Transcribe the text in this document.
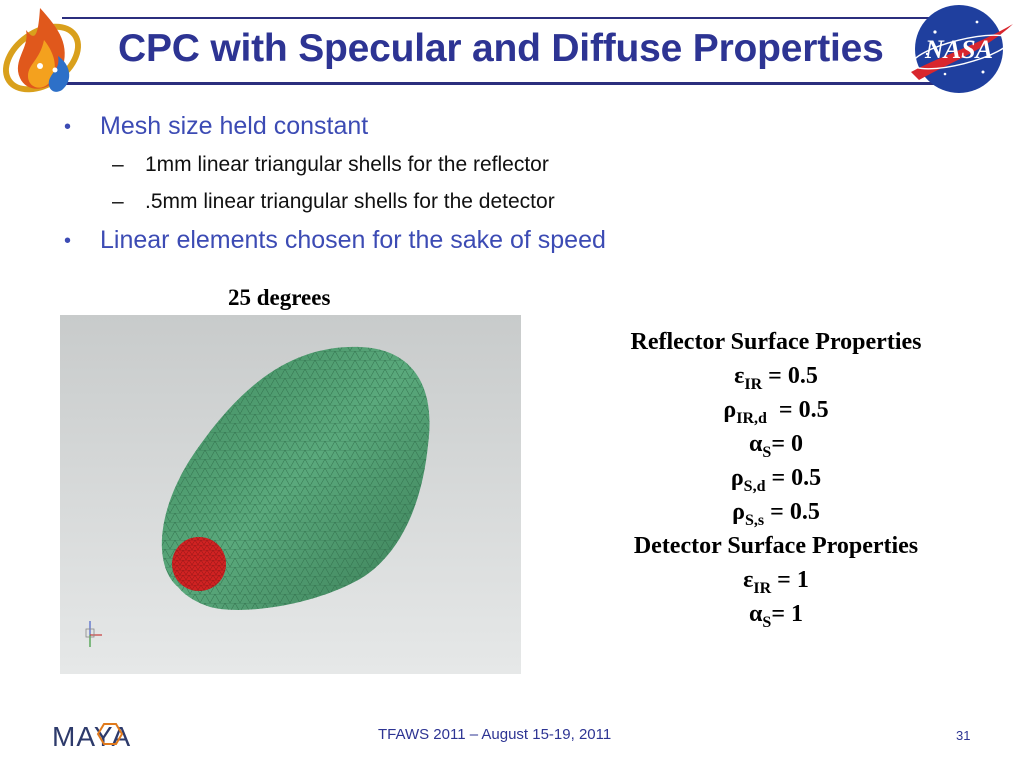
CPC with Specular and Diffuse Properties NASA
• Mesh size held constant
– 1mm linear triangular shells for the reflector
– .5mm linear triangular shells for the detector
• Linear elements chosen for the sake of speed
25 degrees
Reflector Surface Properties
$\varepsilon_{IR} = 0.5$
$\rho_{IR,d} = 0.5$
$\alpha_S= 0$
$\rho_{S,d} = 0.5$
$\rho_{S,s} = 0.5$
Detector Surface Properties
$\varepsilon_{IR} = 1$
$\alpha_S= 1$
MAYA	TFAWS 2011 – August 15-19, 2011	31
